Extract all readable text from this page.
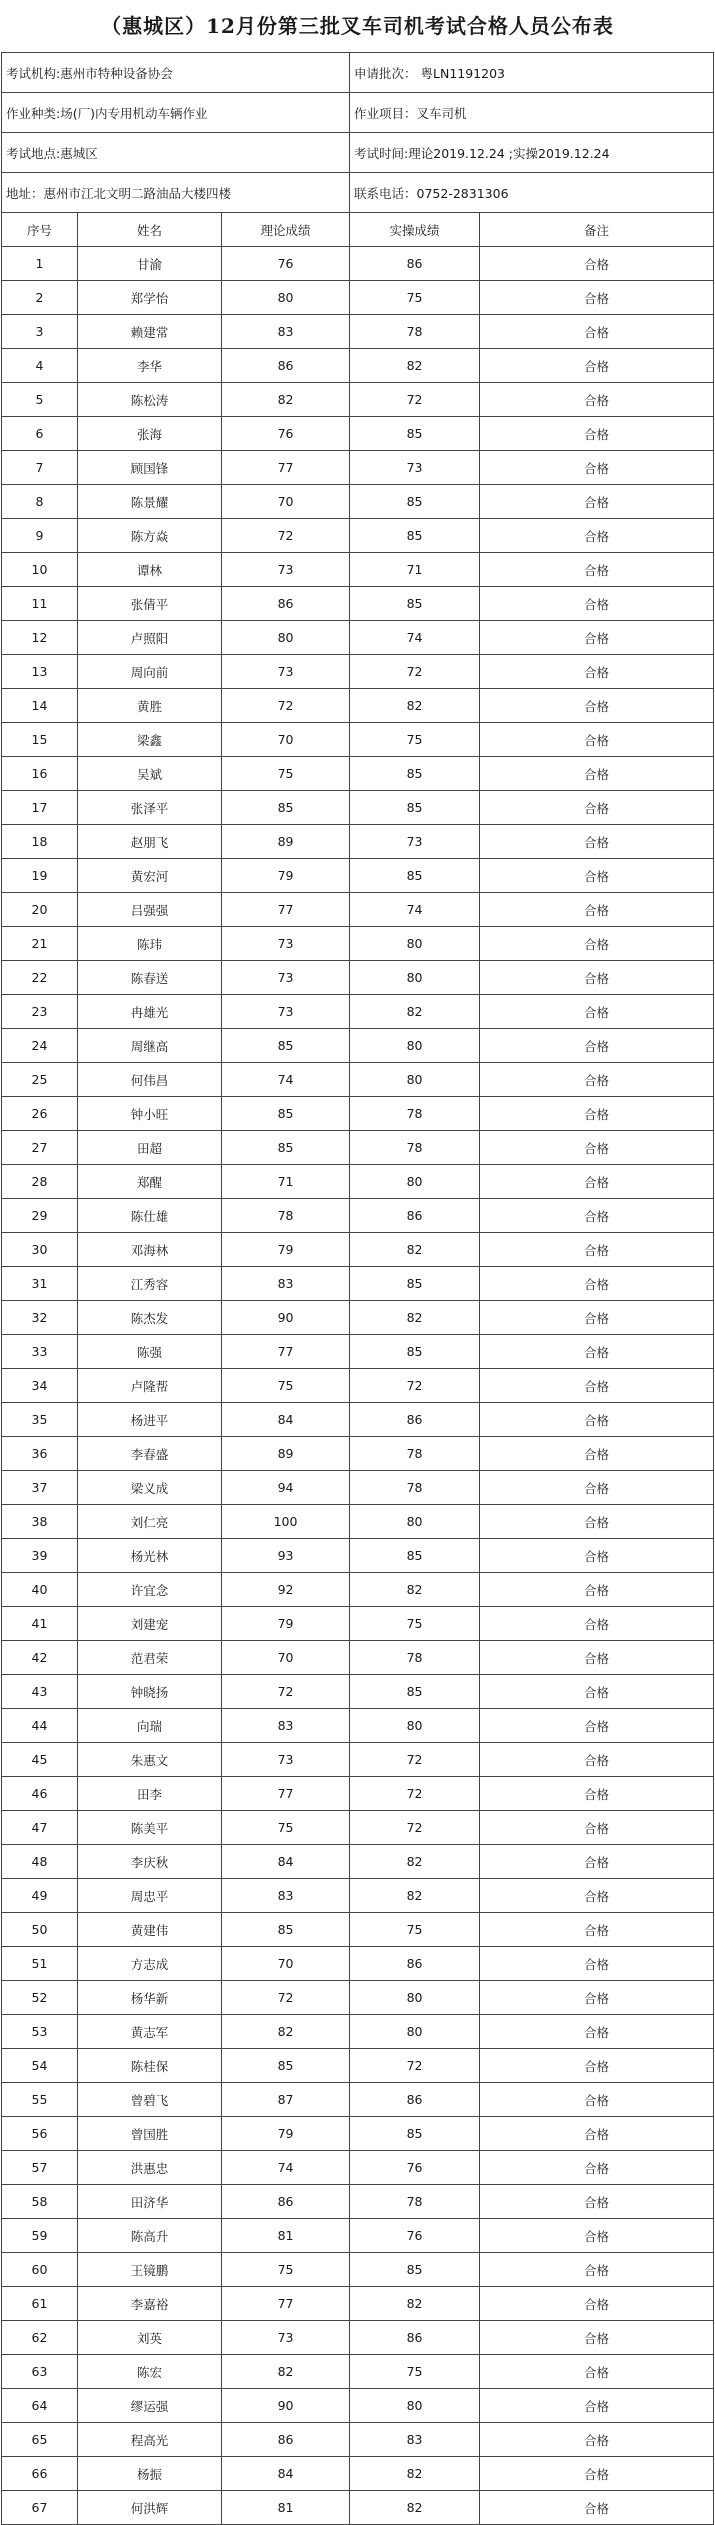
（惠城区）12月份第三批叉车司机考试合格人员公布表
考试机构:惠州市特种设备协会			申请批次： 粤LN1191203	
作业种类:场(厂)内专用机动车辆作业			作业项目：叉车司机	
考试地点:惠城区			考试时间:理论2019.12.24 ;实操2019.12.24	
地址：惠州市江北文明二路油品大楼四楼			联系电话：0752-2831306	
序号	姓名	理论成绩	实操成绩	备注
1	甘渝	76	86	合格
2	郑学怡	80	75	合格
3	赖建常	83	78	合格
4	李华	86	82	合格
5	陈松涛	82	72	合格
6	张海	76	85	合格
7	顾国锋	77	73	合格
8	陈景耀	70	85	合格
9	陈方焱	72	85	合格
10	谭林	73	71	合格
11	张倩平	86	85	合格
12	卢照阳	80	74	合格
13	周向前	73	72	合格
14	黄胜	72	82	合格
15	梁鑫	70	75	合格
16	吴斌	75	85	合格
17	张泽平	85	85	合格
18	赵朋飞	89	73	合格
19	黄宏河	79	85	合格
20	吕强强	77	74	合格
21	陈玮	73	80	合格
22	陈春送	73	80	合格
23	冉雄光	73	82	合格
24	周继高	85	80	合格
25	何伟昌	74	80	合格
26	钟小旺	85	78	合格
27	田超	85	78	合格
28	郑醒	71	80	合格
29	陈仕雄	78	86	合格
30	邓海林	79	82	合格
31	江秀容	83	85	合格
32	陈杰发	90	82	合格
33	陈强	77	85	合格
34	卢隆帮	75	72	合格
35	杨进平	84	86	合格
36	李春盛	89	78	合格
37	梁义成	94	78	合格
38	刘仁亮	100	80	合格
39	杨光林	93	85	合格
40	许宜念	92	82	合格
41	刘建宠	79	75	合格
42	范君荣	70	78	合格
43	钟晓扬	72	85	合格
44	向瑞	83	80	合格
45	朱惠文	73	72	合格
46	田李	77	72	合格
47	陈美平	75	72	合格
48	李庆秋	84	82	合格
49	周忠平	83	82	合格
50	黄建伟	85	75	合格
51	方志成	70	86	合格
52	杨华新	72	80	合格
53	黄志军	82	80	合格
54	陈桂保	85	72	合格
55	曾碧飞	87	86	合格
56	曾国胜	79	85	合格
57	洪惠忠	74	76	合格
58	田济华	86	78	合格
59	陈高升	81	76	合格
60	王镜鹏	75	85	合格
61	李嘉裕	77	82	合格
62	刘英	73	86	合格
63	陈宏	82	75	合格
64	缪运强	90	80	合格
65	程高光	86	83	合格
66	杨振	84	82	合格
67	何洪辉	81	82	合格
